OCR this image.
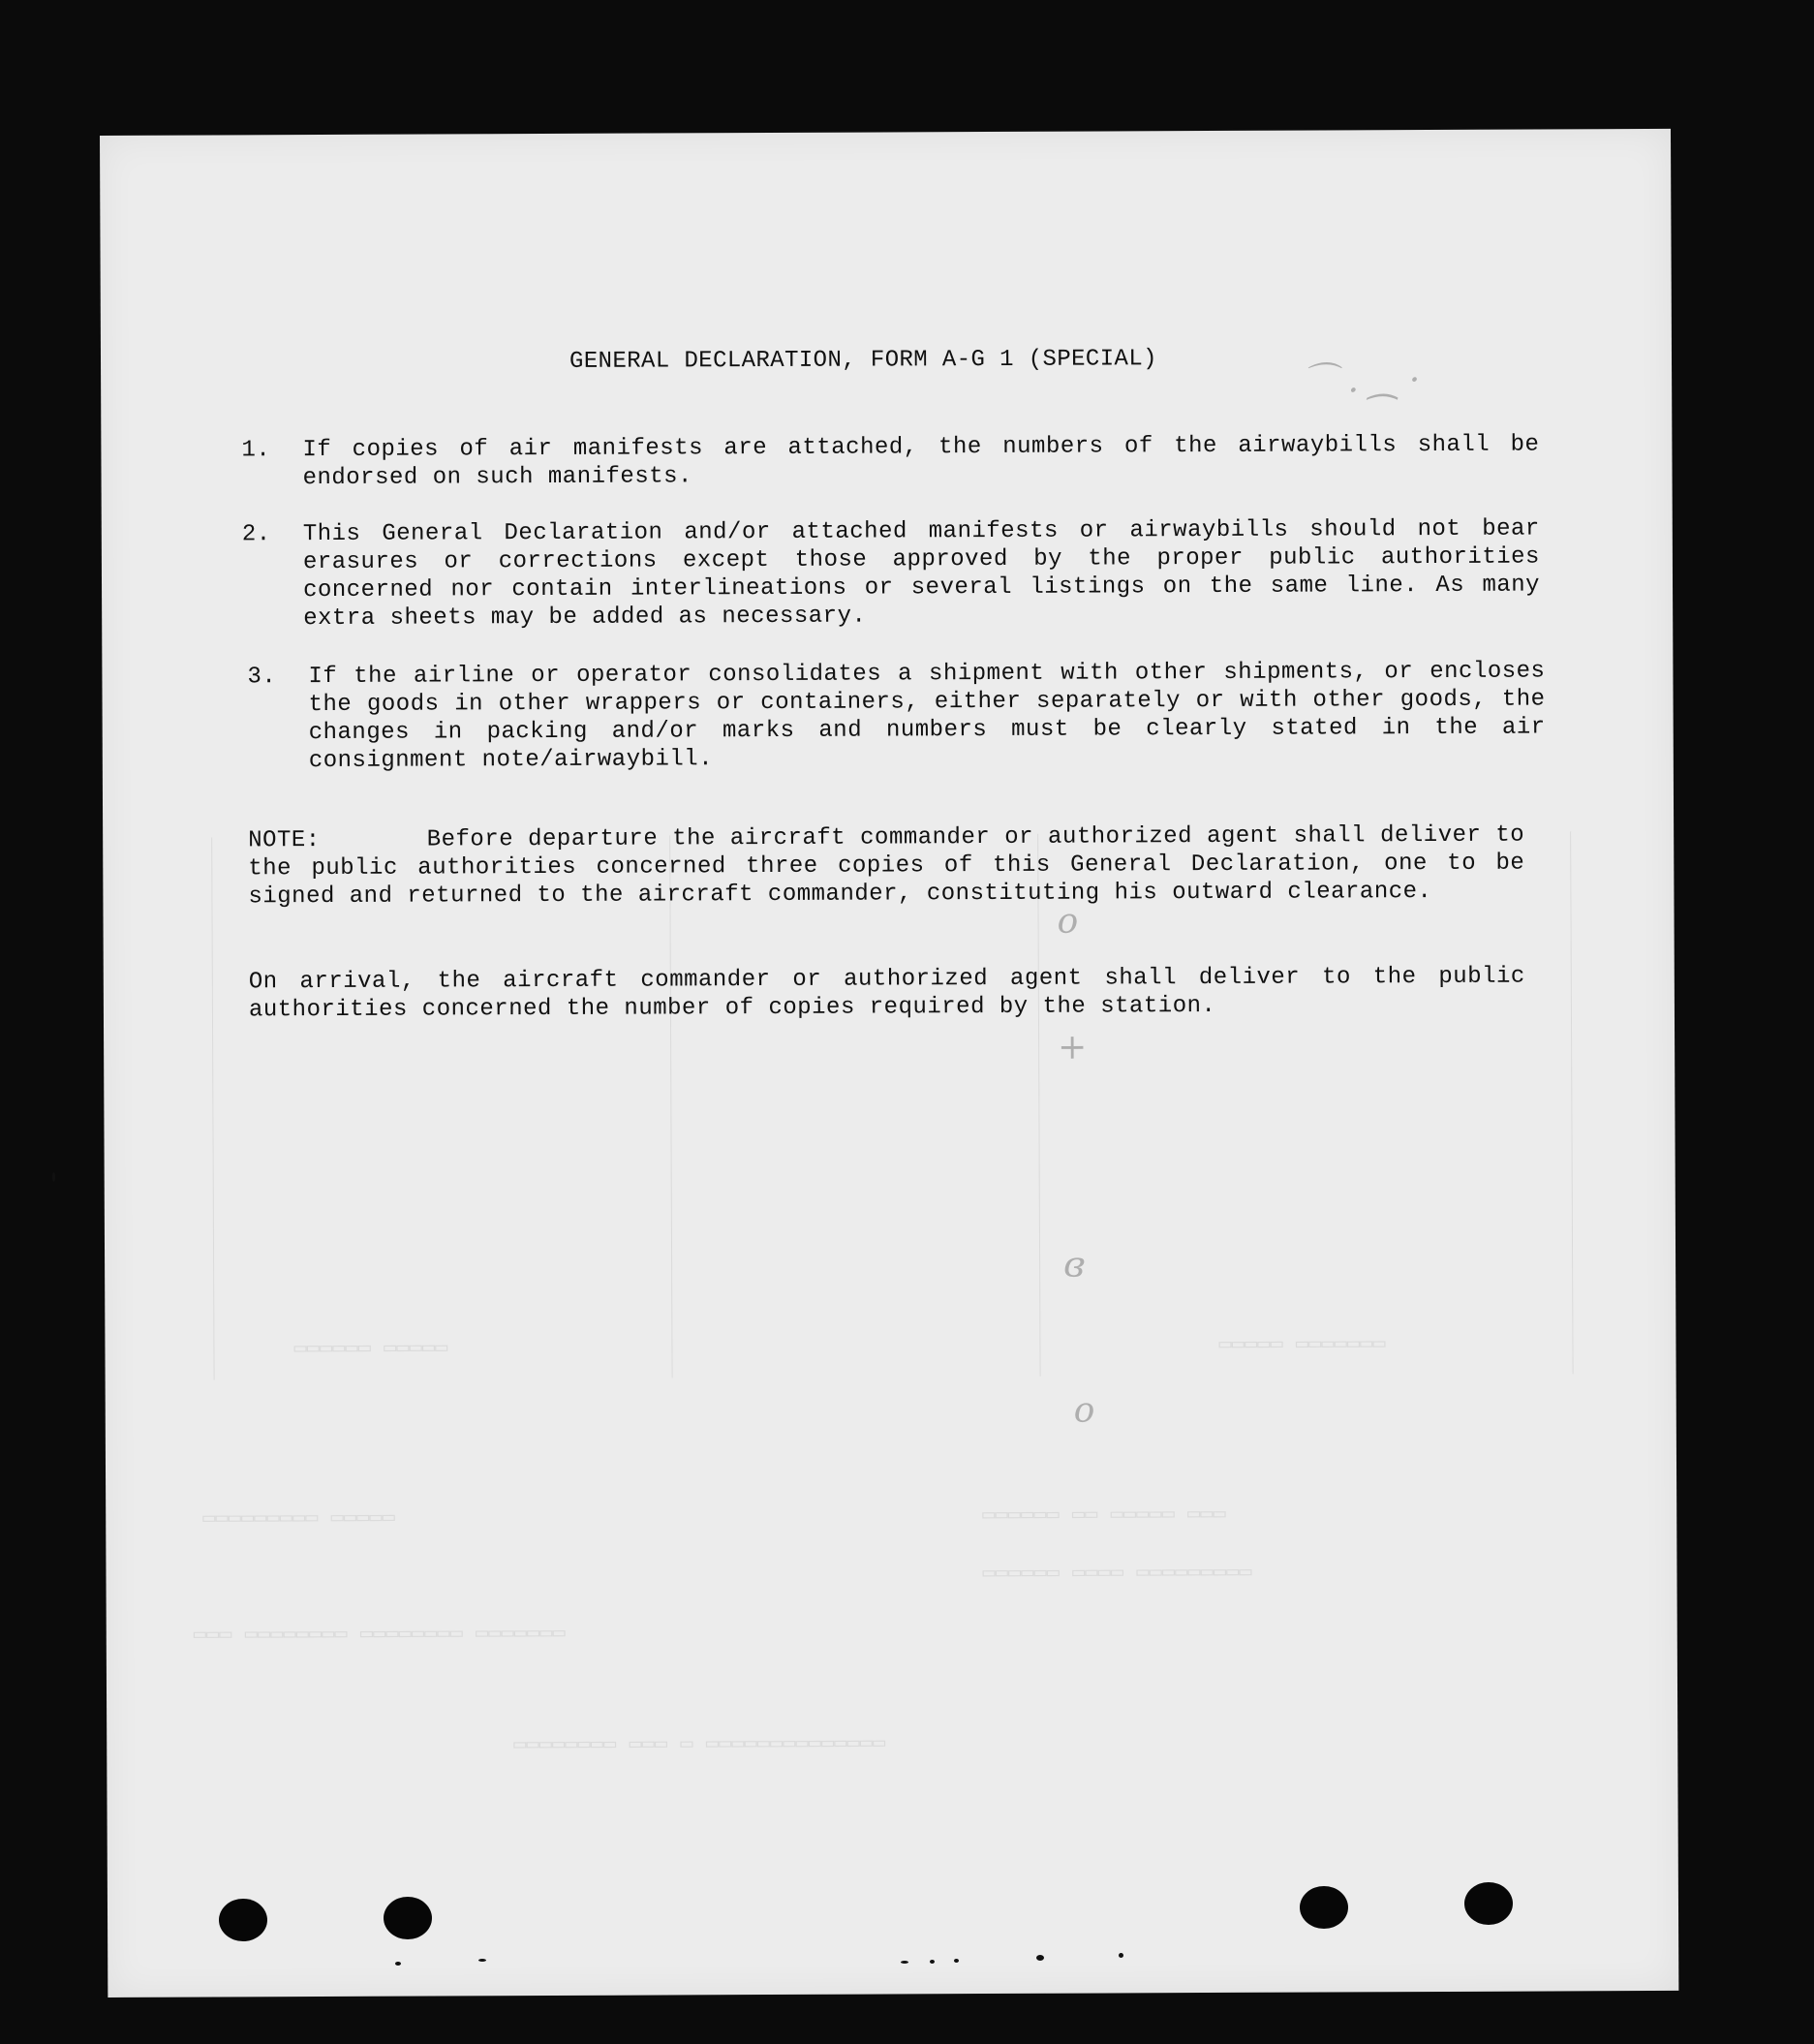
▭▭▭▭▭ ▭▭▭▭▭▭	▭▭▭▭▭▭▭ ▭▭▭▭▭
▭▭▭▭▭ ▭▭▭▭▭▭▭▭▭	▭▭▭ ▭▭▭▭▭ ▭▭ ▭▭▭▭▭▭
▭▭▭▭▭▭▭▭▭ ▭▭▭▭ ▭▭▭▭▭▭
▭▭▭▭▭▭▭ ▭▭▭▭▭▭▭▭ ▭▭▭▭▭▭▭▭ ▭▭▭
▭▭▭▭▭▭▭▭▭▭▭▭▭▭ ▭ ▭▭▭ ▭▭▭▭▭▭▭▭
⌒ . ⁔ ·
o
+
ɞ
o
GENERAL DECLARATION, FORM A-G 1 (SPECIAL)
1. If copies of air manifests are attached, the numbers of the airwaybills shall be endorsed on such manifests.
2. This General Declaration and/or attached manifests or airwaybills should not bear erasures or corrections except those approved by the proper public authorities concerned nor contain interlineations or several listings on the same line. As many extra sheets may be added as necessary.
3. If the airline or operator consolidates a shipment with other shipments, or encloses the goods in other wrappers or containers, either separately or with other goods, the changes in packing and/or marks and numbers must be clearly stated in the air consignment note/airwaybill.
NOTE:	Before departure the aircraft commander or authorized agent shall deliver to the public authorities concerned three copies of this General Declaration, one to be signed and returned to the aircraft commander, constituting his outward clearance.
On arrival, the aircraft commander or authorized agent shall deliver to the public authorities concerned the number of copies required by the station.
